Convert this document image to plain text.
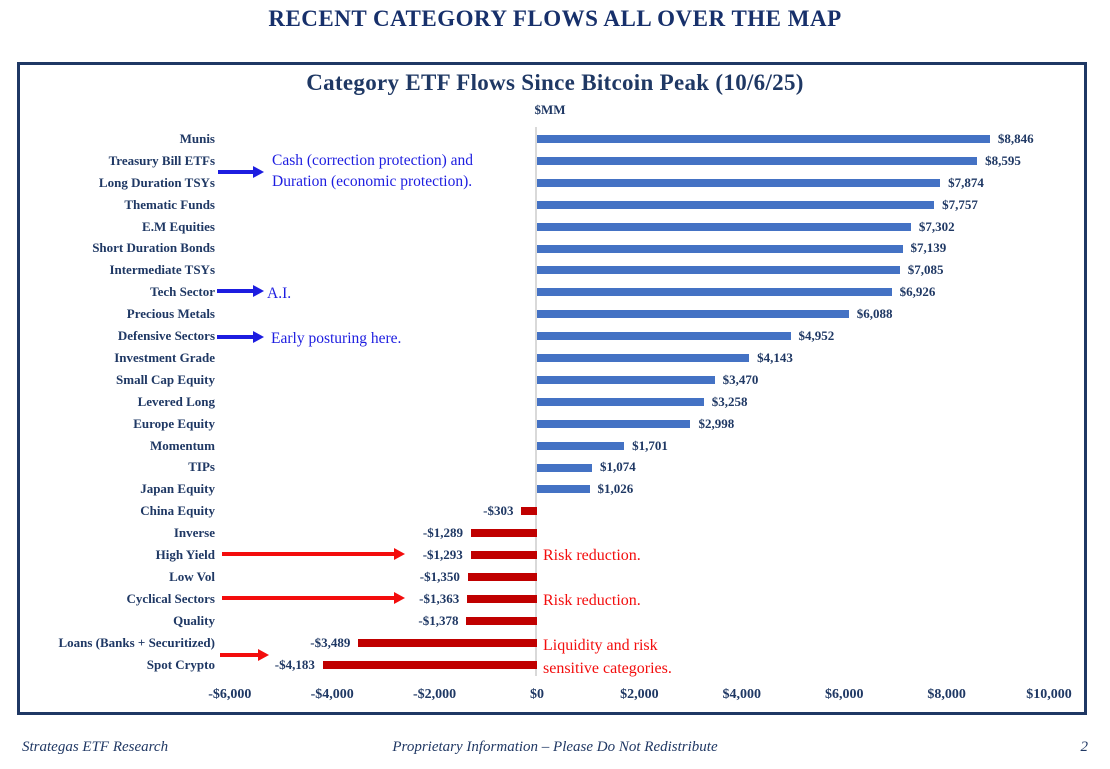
RECENT CATEGORY FLOWS ALL OVER THE MAP
Category ETF Flows Since Bitcoin Peak (10/6/25)
$MM
Munis	$8,846
Treasury Bill ETFs	$8,595
Long Duration TSYs	$7,874
Thematic Funds	$7,757
E.M Equities	$7,302
Short Duration Bonds	$7,139
Intermediate TSYs	$7,085
Tech Sector	$6,926
Precious Metals	$6,088
Defensive Sectors	$4,952
Investment Grade	$4,143
Small Cap Equity	$3,470
Levered Long	$3,258
Europe Equity	$2,998
Momentum	$1,701
TIPs	$1,074
Japan Equity	$1,026
China Equity	-$303
Inverse	-$1,289
High Yield	-$1,293
Low Vol	-$1,350
Cyclical Sectors	-$1,363
Quality	-$1,378
Loans (Banks + Securitized)	-$3,489
Spot Crypto	-$4,183
-$6,000	-$4,000	-$2,000	$0	$2,000	$4,000	$6,000	$8,000	$10,000
Cash (correction protection) and
Duration (economic protection).
A.I.
Early posturing here.
Risk reduction.
Risk reduction.
Liquidity and risk
sensitive categories.
Strategas ETF Research	Proprietary Information – Please Do Not Redistribute	2
